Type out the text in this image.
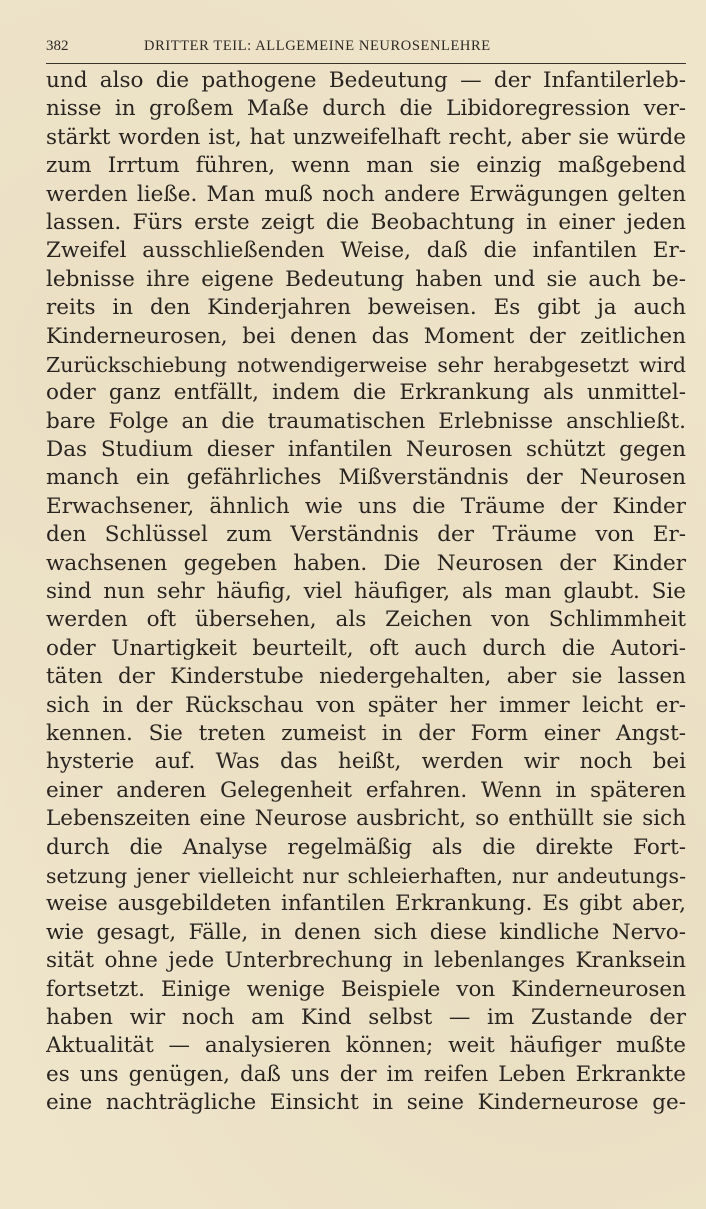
382	DRITTER TEIL: ALLGEMEINE NEUROSENLEHRE
und also die pathogene Bedeutung — der Infantilerleb-
nisse in großem Maße durch die Libidoregression ver-
stärkt worden ist, hat unzweifelhaft recht, aber sie würde
zum Irrtum führen, wenn man sie einzig maßgebend
werden ließe. Man muß noch andere Erwägungen gelten
lassen. Fürs erste zeigt die Beobachtung in einer jeden
Zweifel ausschließenden Weise, daß die infantilen Er-
lebnisse ihre eigene Bedeutung haben und sie auch be-
reits in den Kinderjahren beweisen. Es gibt ja auch
Kinderneurosen, bei denen das Moment der zeitlichen
Zurückschiebung notwendigerweise sehr herabgesetzt wird
oder ganz entfällt, indem die Erkrankung als unmittel-
bare Folge an die traumatischen Erlebnisse anschließt.
Das Studium dieser infantilen Neurosen schützt gegen
manch ein gefährliches Mißverständnis der Neurosen
Erwachsener, ähnlich wie uns die Träume der Kinder
den Schlüssel zum Verständnis der Träume von Er-
wachsenen gegeben haben. Die Neurosen der Kinder
sind nun sehr häufig, viel häufiger, als man glaubt. Sie
werden oft übersehen, als Zeichen von Schlimmheit
oder Unartigkeit beurteilt, oft auch durch die Autori-
täten der Kinderstube niedergehalten, aber sie lassen
sich in der Rückschau von später her immer leicht er-
kennen. Sie treten zumeist in der Form einer Angst-
hysterie auf. Was das heißt, werden wir noch bei
einer anderen Gelegenheit erfahren. Wenn in späteren
Lebenszeiten eine Neurose ausbricht, so enthüllt sie sich
durch die Analyse regelmäßig als die direkte Fort-
setzung jener vielleicht nur schleierhaften, nur andeutungs-
weise ausgebildeten infantilen Erkrankung. Es gibt aber,
wie gesagt, Fälle, in denen sich diese kindliche Nervo-
sität ohne jede Unterbrechung in lebenlanges Kranksein
fortsetzt. Einige wenige Beispiele von Kinderneurosen
haben wir noch am Kind selbst — im Zustande der
Aktualität — analysieren können; weit häufiger mußte
es uns genügen, daß uns der im reifen Leben Erkrankte
eine nachträgliche Einsicht in seine Kinderneurose ge-
